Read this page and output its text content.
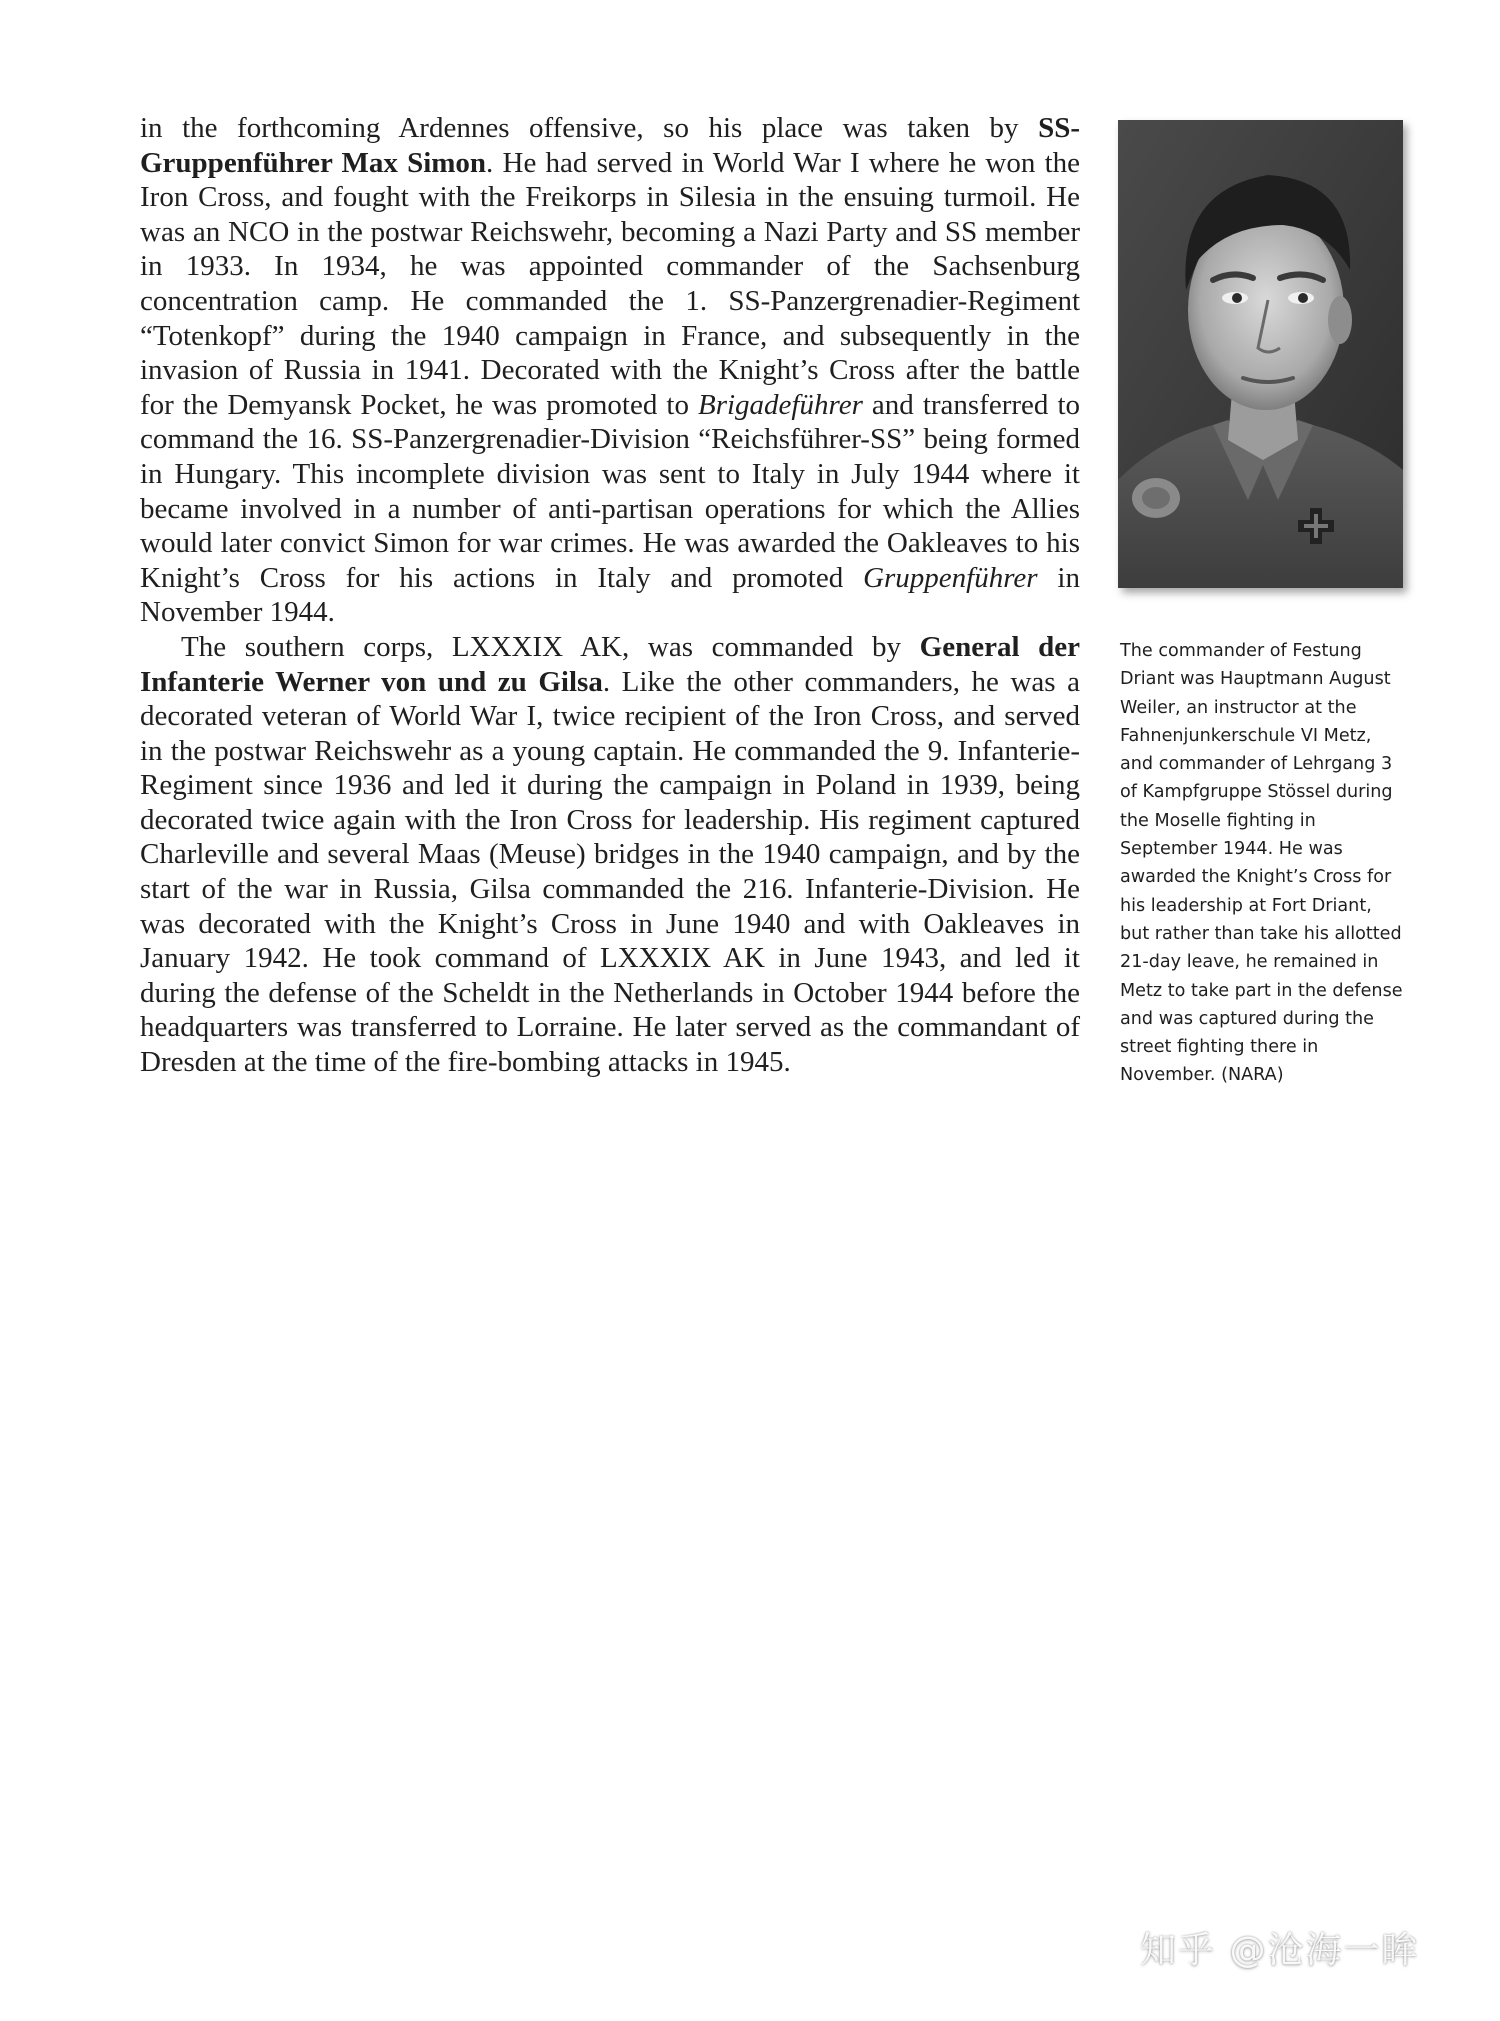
in the forthcoming Ardennes offensive, so his place was taken by SS-Gruppenführer Max Simon. He had served in World War I where he won the Iron Cross, and fought with the Freikorps in Silesia in the ensuing turmoil. He was an NCO in the postwar Reichswehr, becoming a Nazi Party and SS member in 1933. In 1934, he was appointed commander of the Sachsenburg concentration camp. He commanded the 1. SS-Panzergrenadier-Regiment “Totenkopf” during the 1940 campaign in France, and subsequently in the invasion of Russia in 1941. Decorated with the Knight’s Cross after the battle for the Demyansk Pocket, he was promoted to Brigadeführer and transferred to command the 16. SS-Panzergrenadier-Division “Reichsführer-SS” being formed in Hungary. This incomplete division was sent to Italy in July 1944 where it became involved in a number of anti-partisan operations for which the Allies would later convict Simon for war crimes. He was awarded the Oakleaves to his Knight’s Cross for his actions in Italy and promoted Gruppenführer in November 1944.

The southern corps, LXXXIX AK, was commanded by General der Infanterie Werner von und zu Gilsa. Like the other commanders, he was a decorated veteran of World War I, twice recipient of the Iron Cross, and served in the postwar Reichswehr as a young captain. He commanded the 9. Infanterie-Regiment since 1936 and led it during the campaign in Poland in 1939, being decorated twice again with the Iron Cross for leadership. His regiment captured Charleville and several Maas (Meuse) bridges in the 1940 campaign, and by the start of the war in Russia, Gilsa commanded the 216. Infanterie-Division. He was decorated with the Knight’s Cross in June 1940 and with Oakleaves in January 1942. He took command of LXXXIX AK in June 1943, and led it during the defense of the Scheldt in the Netherlands in October 1944 before the headquarters was transferred to Lorraine. He later served as the commandant of Dresden at the time of the fire-bombing attacks in 1945.

The commander of Festung
Driant was Hauptmann August
Weiler, an instructor at the
Fahnenjunkerschule VI Metz,
and commander of Lehrgang 3
of Kampfgruppe Stössel during
the Moselle fighting in
September 1944. He was
awarded the Knight’s Cross for
his leadership at Fort Driant,
but rather than take his allotted
21-day leave, he remained in
Metz to take part in the defense
and was captured during the
street fighting there in
November. (NARA)
知乎 @沧海一眸
